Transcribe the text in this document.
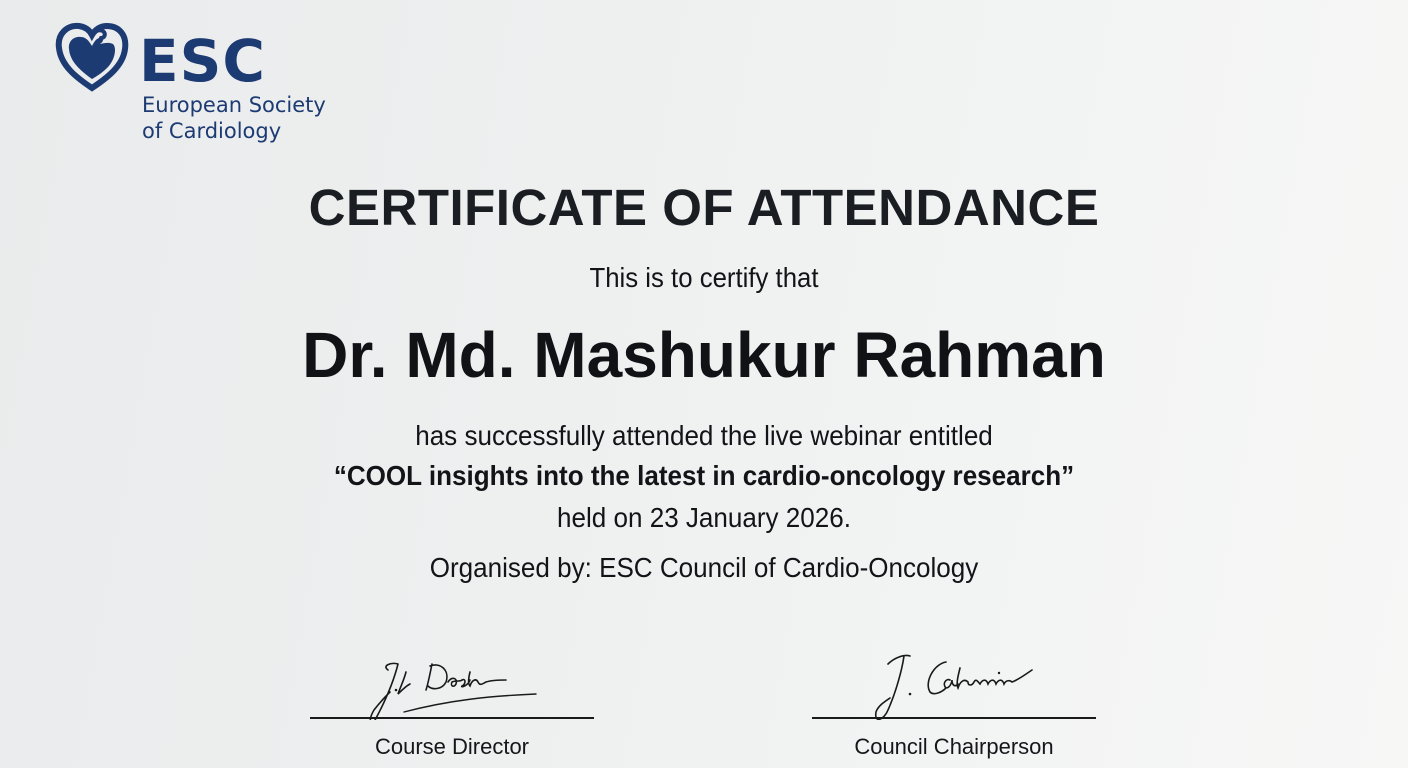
ESC
European Society
of Cardiology
CERTIFICATE OF ATTENDANCE
This is to certify that
Dr. Md. Mashukur Rahman
has successfully attended the live webinar entitled
“COOL insights into the latest in cardio-oncology research”
held on 23 January 2026.
Organised by: ESC Council of Cardio-Oncology
Course Director	Council Chairperson
